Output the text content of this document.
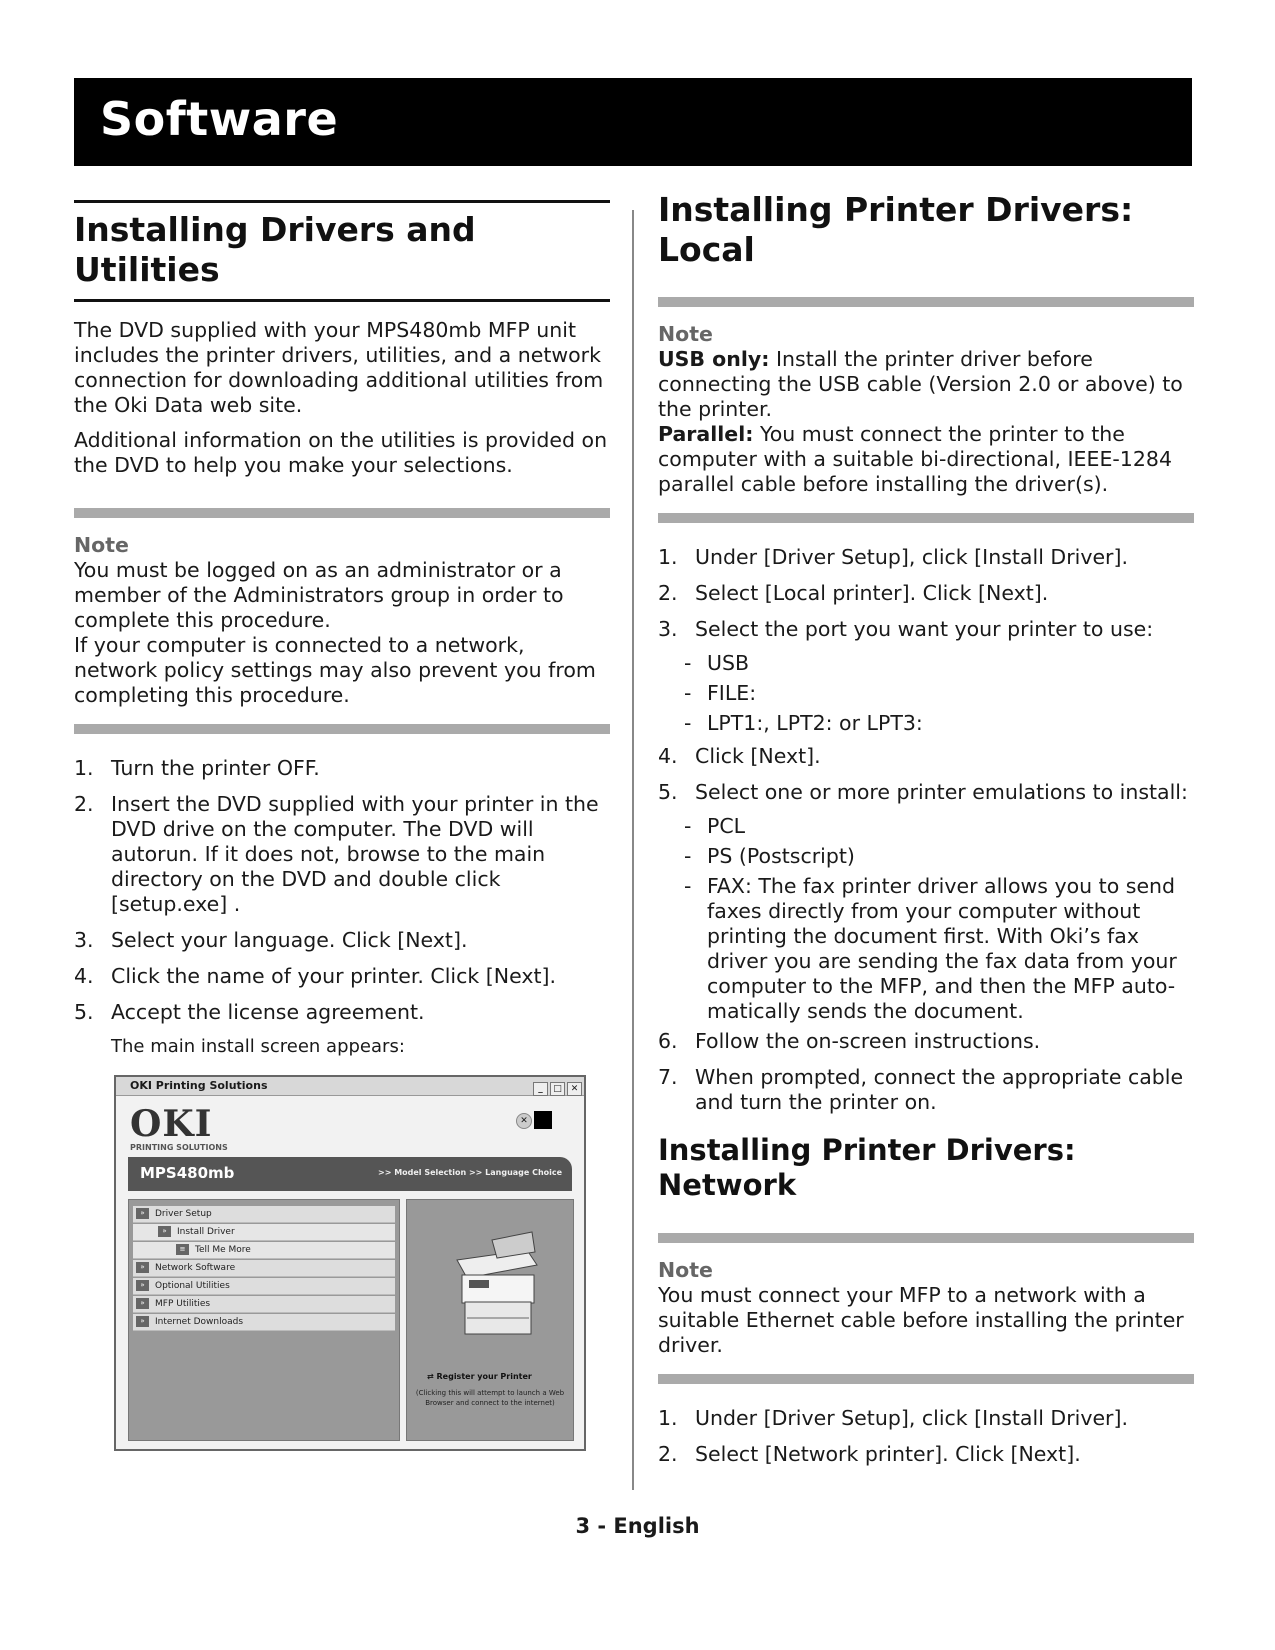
Software
Installing Drivers and Utilities

The DVD supplied with your MPS480mb MFP unit includes the printer drivers, utilities, and a network connection for downloading additional utilities from the Oki Data web site.

Additional information on the utilities is provided on the DVD to help you make your selections.

Note

You must be logged on as an administrator or a member of the Administrators group in order to complete this procedure.

If your computer is connected to a network, network policy settings may also prevent you from completing this procedure.

1. Turn the printer OFF.
2. Insert the DVD supplied with your printer in the DVD drive on the computer. The DVD will autorun. If it does not, browse to the main directory on the DVD and double click [setup.exe] .
3. Select your language. Click [Next].
4. Click the name of your printer. Click [Next].
5. Accept the license agreement.

The main install screen appears:

OKI Printing Solutions	_ □ ✕
OKI
PRINTING SOLUTIONS
✕
MPS480mb	>> Model Selection >> Language Choice
» Driver Setup
» Install Driver
≡ Tell Me More
» Network Software
» Optional Utilities
» MFP Utilities
» Internet Downloads
⇄ Register your Printer
(Clicking this will attempt to launch a Web Browser and connect to the internet)
Installing Printer Drivers: Local
Note

USB only: Install the printer driver before connecting the USB cable (Version 2.0 or above) to the printer.

Parallel: You must connect the printer to the computer with a suitable bi-directional, IEEE-1284 parallel cable before installing the driver(s).

1. Under [Driver Setup], click [Install Driver].
2. Select [Local printer]. Click [Next].
3. Select the port you want your printer to use:
- USB
- FILE:
- LPT1:, LPT2: or LPT3:
4. Click [Next].
5. Select one or more printer emulations to install:
- PCL
- PS (Postscript)
- FAX: The fax printer driver allows you to send faxes directly from your computer without printing the document first. With Oki’s fax driver you are sending the fax data from your computer to the MFP, and then the MFP auto-matically sends the document.
6. Follow the on-screen instructions.
7. When prompted, connect the appropriate cable and turn the printer on.
Installing Printer Drivers: Network
Note

You must connect your MFP to a network with a suitable Ethernet cable before installing the printer driver.

1. Under [Driver Setup], click [Install Driver].
2. Select [Network printer]. Click [Next].
3 - English
